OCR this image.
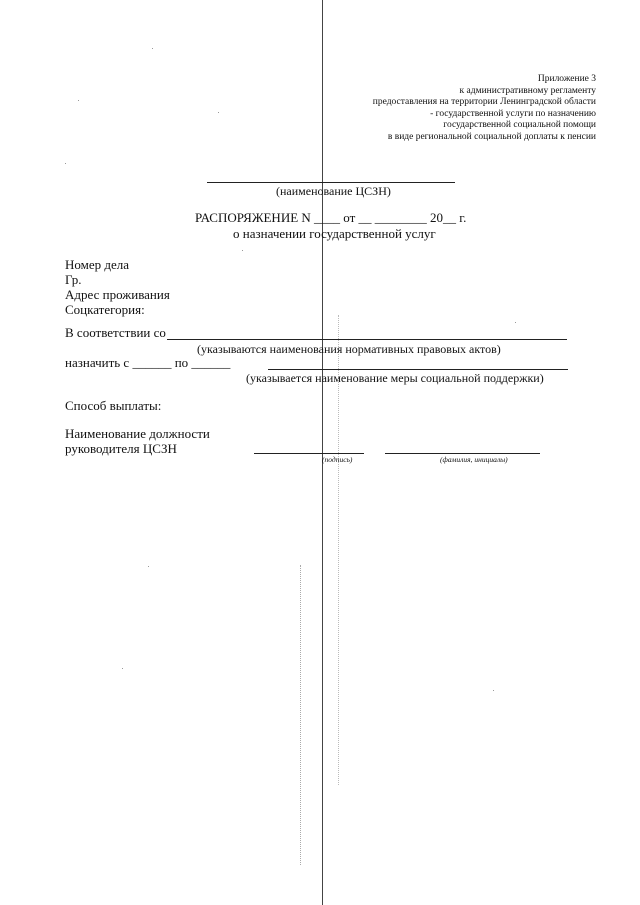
Приложение 3
к административному регламенту
предоставления на территории Ленинградской области
- государственной услуги по назначению
государственной социальной помощи
в виде региональной социальной доплаты к пенсии
(наименование ЦСЗН)
РАСПОРЯЖЕНИЕ N ____ от __ ________ 20__ г.
о назначении государственной услуг
Номер дела
Гр.
Адрес проживания
Соцкатегория:
В соответствии со
(указываются наименования нормативных правовых актов)
назначить с ______ по ______
(указывается наименование меры социальной поддержки)
Способ выплаты:
Наименование должности
руководителя ЦСЗН
(подпись)	(фамилия, инициалы)
